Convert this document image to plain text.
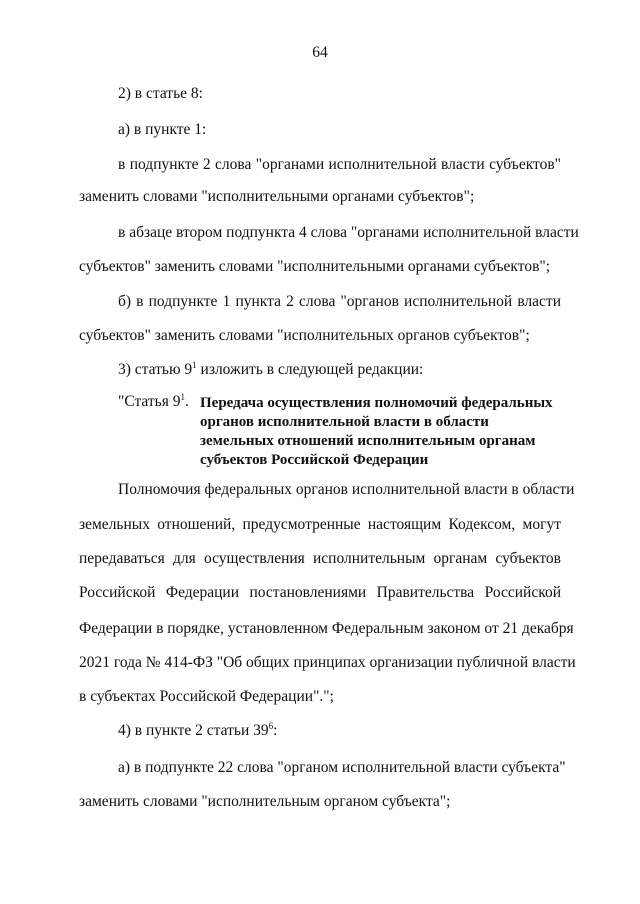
64
2) в статье 8:
а) в пункте 1:
в подпункте 2 слова "органами исполнительной власти субъектов"
заменить словами "исполнительными органами субъектов";
в абзаце втором подпункта 4 слова "органами исполнительной власти
субъектов" заменить словами "исполнительными органами субъектов";
б) в подпункте 1 пункта 2 слова "органов исполнительной власти
субъектов" заменить словами "исполнительных органов субъектов";
3) статью $9^1$ изложить в следующей редакции:
"Статья $9^1$. Передача осуществления полномочий федеральных
органов исполнительной власти в области
земельных отношений исполнительным органам
субъектов Российской Федерации
Полномочия федеральных органов исполнительной власти в области
земельных отношений, предусмотренные настоящим Кодексом, могут
передаваться для осуществления исполнительным органам субъектов
Российской Федерации постановлениями Правительства Российской
Федерации в порядке, установленном Федеральным законом от 21 декабря
2021 года № 414-ФЗ "Об общих принципах организации публичной власти
в субъектах Российской Федерации".";
4) в пункте 2 статьи $39^6$:
а) в подпункте 22 слова "органом исполнительной власти субъекта"
заменить словами "исполнительным органом субъекта";
